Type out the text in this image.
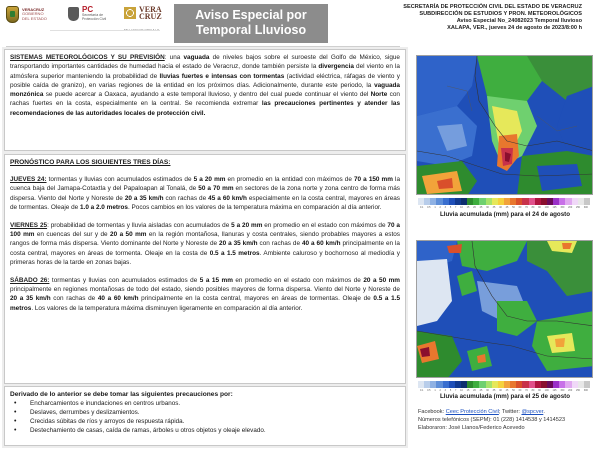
VERACRUZ
GOBIERNO
DEL ESTADO
PC
Secretaría de
Protección Civil
VERA
CRUZ	Aviso Especial por
Temporal Lluvioso
SECRETARÍA DE PROTECCIÓN CIVIL DEL ESTADO DE VERACRUZ
SUBDIRECCIÓN DE ESTUDIOS Y PRON. METEOROLÓGICOS
Aviso Especial No_24082023 Temporal lluvioso
XALAPA, VER., jueves 24 de agosto de 2023/8:00 h

SISTEMAS METEOROLÓGICOS Y SU PREVISIÓN: una vaguada de niveles bajos sobre el suroeste del Golfo de México, sigue transportando importantes cantidades de humedad hacia el estado de Veracruz, donde también persiste la divergencia del viento en la atmósfera superior manteniendo la probabilidad de lluvias fuertes e intensas con tormentas (actividad eléctrica, ráfagas de viento y posible caída de granizo), en varias regiones de la entidad en los próximos días. Adicionalmente, durante este periodo, la vaguada monzónica se puede acercar a Oaxaca, ayudando a este temporal lluvioso, y dentro del cual puede continuar el viento del Norte con rachas fuertes en la costa, especialmente en la central. Se recomienda extremar las precauciones pertinentes y atender las recomendaciones de las autoridades locales de protección civil.

PRONÓSTICO PARA LOS SIGUIENTES TRES DÍAS:

JUEVES 24: tormentas y lluvias con acumulados estimados de 5 a 20 mm en promedio en la entidad con máximos de 70 a 150 mm la cuenca baja del Jamapa-Cotaxtla y del Papaloapan al Tonalá, de 50 a 70 mm en sectores de la zona norte y zona centro de forma más dispersa. Viento del Norte y Noreste de 20 a 35 km/h con rachas de 45 a 60 km/h especialmente en la costa central, mayores en áreas de tormentas. Oleaje de 1.0 a 2.0 metros. Pocos cambios en los valores de la temperatura máxima en comparación al día anterior.

VIERNES 25: probabilidad de tormentas y lluvia aisladas con acumulados de 5 a 20 mm en promedio en el estado con máximos de 70 a 100 mm en cuencas del sur y de 20 a 50 mm en la región montañosa, llanuras y costa centrales, siendo probables mayores a estos rangos de forma más dispersa. Viento dominante del Norte y Noreste de 20 a 35 km/h con rachas de 40 a 60 km/h principalmente en la costa central, mayores en áreas de tormenta. Oleaje en la costa de 0.5 a 1.5 metros. Ambiente caluroso y bochornoso al mediodía y primeras horas de la tarde en zonas bajas.

SÁBADO 26: tormentas y lluvias con acumulados estimados de 5 a 15 mm en promedio en el estado con máximos de 20 a 50 mm principalmente en regiones montañosas de todo del estado, siendo posibles mayores de forma dispersa. Viento del Norte y Noreste de 20 a 35 km/h con rachas de 40 a 60 km/h principalmente en la costa central, mayores en áreas de tormentas. Oleaje de 0.5 a 1.5 metros. Los valores de la temperatura máxima disminuyen ligeramente en comparación al día anterior.

Derivado de lo anterior se debe tomar las siguientes precauciones por:
• Encharcamientos e inundaciones en centros urbanos.
• Deslaves, derrumbes y deslizamientos.
• Crecidas súbitas de ríos y arroyos de respuesta rápida.
• Destechamiento de casas, caída de ramas, árboles u otros objetos y oleaje elevado.
0.1 0.5 1 2 3 5 7 10 15 20 25 30 35 40 45 50 60 70 80 90 100 125 150 200 250 300
Lluvia acumulada (mm) para el 24 de agosto
0.1 0.5 1 2 3 5 7 10 15 20 25 30 35 40 45 50 60 70 80 90 100 125 150 200 250 300
Lluvia acumulada (mm) para el 25 de agosto
Facebook: Ceec Protección Civil; Twitter: @spcver.
Números telefónicos (SEPM): 01 (228) 1414538 y 1414523
Elaboraron: José Llanos/Federico Acevedo
